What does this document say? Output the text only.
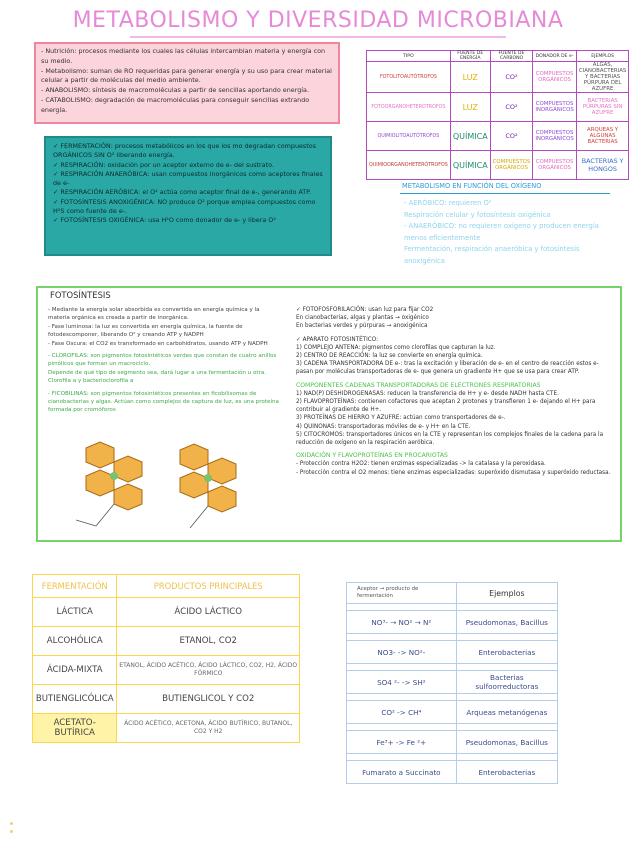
METABOLISMO Y DIVERSIDAD MICROBIANA
- Nutrición: procesos mediante los cuales las células intercambian materia y energía con su medio.
- Metabolismo: suman de RO requeridas para generar energía y su uso para crear material celular a partir de moléculas del medio ambiente.
- ANABOLISMO: síntesis de macromoléculas a partir de sencillas aportando energía.
- CATABOLISMO: degradación de macromoléculas para conseguir sencillas extrando energía.
✓ FERMENTACIÓN: procesos metabólicos en los que los mo degradan compuestos ORGÁNICOS SIN O² liberando energía.
✓ RESPIRACIÓN: oxidación por un aceptor externo de e- del sustrato.
✓ RESPIRACIÓN ANAERÓBICA: usan compuestos inorgánicos como aceptores finales de e-
✓ RESPIRACIÓN AERÓBICA: el O² actúa como aceptor final de e-, generando ATP.
✓ FOTOSÍNTESIS ANOXIGÉNICA: NO produce O² porque emplea compuestos como H²S como fuente de e-.
✓ FOTOSÍNTESIS OXIGÉNICA: usa H²O como donador de e- y libera O²
TIPO	FUENTE DE ENERGÍA	FUENTE DE CARBONO	DONADOR DE e-	EJEMPLOS
FOTOLITOAUTÓTROFOS	LUZ	CO²	COMPUESTOS ORGÁNICOS	ALGAS, CIANOBACTERIAS Y BACTERIAS PÚRPURA DEL AZUFRE
FOTOORGANOHETERÓTROFOS	LUZ	CO²	COMPUESTOS INORGÁNICOS	BACTERIAS PÚRPURAS SIN AZUFRE
QUIMIOLITOAUTÓTROFOS	QUÍMICA	CO²	COMPUESTOS INORGÁNICOS	ARQUEAS Y ALGUNAS BACTERIAS
QUIMIOORGANOHETERÓTROFOS	QUÍMICA	COMPUESTOS ORGÁNICOS	COMPUESTOS ORGÁNICOS	BACTERIAS Y HONGOS
METABOLISMO EN FUNCIÓN DEL OXÍGENO
- AERÓBICO: requieren O²
Respiración celular y fotosíntesis oxigénica
- ANAERÓBICO: no requieren oxígeno y producen energía menos eficientemente
Fermentación, respiración anaeróbica y fotosíntesis anoxigénica
FOTOSÍNTESIS
- Mediante la energía solar absorbida es convertida en energía química y la materia orgánica es creada a partir de inorgánica.
- Fase luminosa: la luz es convertida en energía química, la fuente de fotodescomponer, liberando O² y creando ATP y NADPH
- Fase Oscura: el CO2 es transformado en carbohidratos, usando ATP y NADPH
- CLOROFILAS: son pigmentos fotosintéticos verdes que constan de cuatro anillos pirrólicos que forman un macrociclo.
Depende de qué tipo de segmento sea, dará lugar a una fermentación u otra.
Clorofila a y bacterioclorofila a
- FICOBILINAS: son pigmentos fotosintéticos presentes en ficobilisomas de cianobacterias y algas. Actúan como complejos de captura de luz, es una proteína formada por cromóforos
✓ FOTOFOSFORILACIÓN: usan luz para fijar CO2
En cianobacterias, algas y plantas → oxigénico
En bacterias verdes y púrpuras → anoxigénica
✓ APARATO FOTOSINTÉTICO:
1) COMPLEJO ANTENA: pigmentos como clorofilas que capturan la luz.
2) CENTRO DE REACCIÓN: la luz se convierte en energía química.
3) CADENA TRANSPORTADORA DE e-: tras la excitación y liberación de e- en el centro de reacción estos e- pasan por moléculas transportadoras de e- que genera un gradiente H+ que se usa para crear ATP.
COMPONENTES CADENAS TRANSPORTADORAS DE ELECTRONES RESPIRATORIAS
1) NAD(P) DESHIDROGENASAS: reducen la transferencia de H+ y e- desde NADH hasta CTE.
2) FLAVOPROTEÍNAS: contienen cofactores que aceptan 2 protones y transfieren 1 e- dejando el H+ para contribuir al gradiente de H+.
3) PROTEÍNAS DE HIERRO Y AZUFRE: actúan como transportadores de e-.
4) QUINONAS: transportadoras móviles de e- y H+ en la CTE.
5) CITOCROMOS: transportadores únicos en la CTE y representan los complejos finales de la cadena para la reducción de oxígeno en la respiración aeróbica.
OXIDACIÓN Y FLAVOPROTEÍNAS EN PROCARIOTAS
- Protección contra H2O2: tienen enzimas especializadas -> la catalasa y la peroxidasa.
- Protección contra el O2 menos: tiene enzimas especializadas: superóxido dismutasa y superóxido reductasa.
FERMENTACIÓN	PRODUCTOS PRINCIPALES
LÁCTICA	ÁCIDO LÁCTICO
ALCOHÓLICA	ETANOL, CO2
ÁCIDA-MIXTA	ETANOL, ÁCIDO ACÉTICO, ÁCIDO LÁCTICO, CO2, H2, ÁCIDO FÓRMICO
BUTIENGLICÓLICA	BUTIENGLICOL Y CO2
ACETATO-BUTÍRICA	ÁCIDO ACÉTICO, ACETONA, ÁCIDO BUTÍRICO, BUTANOL, CO2 Y H2
Aceptor → producto de fermentación	Ejemplos

NO³- → NO² → N²	Pseudomonas, Bacillus

NO3- -> NO²-	Enterobacterias

SO4 ²- -> SH²	Bacterias sulfoorreductoras

CO² -> CH⁴	Arqueas metanógenas

Fe³+ -> Fe ²+	Pseudomonas, Bacillus

Fumarato a Succinato	Enterobacterias
